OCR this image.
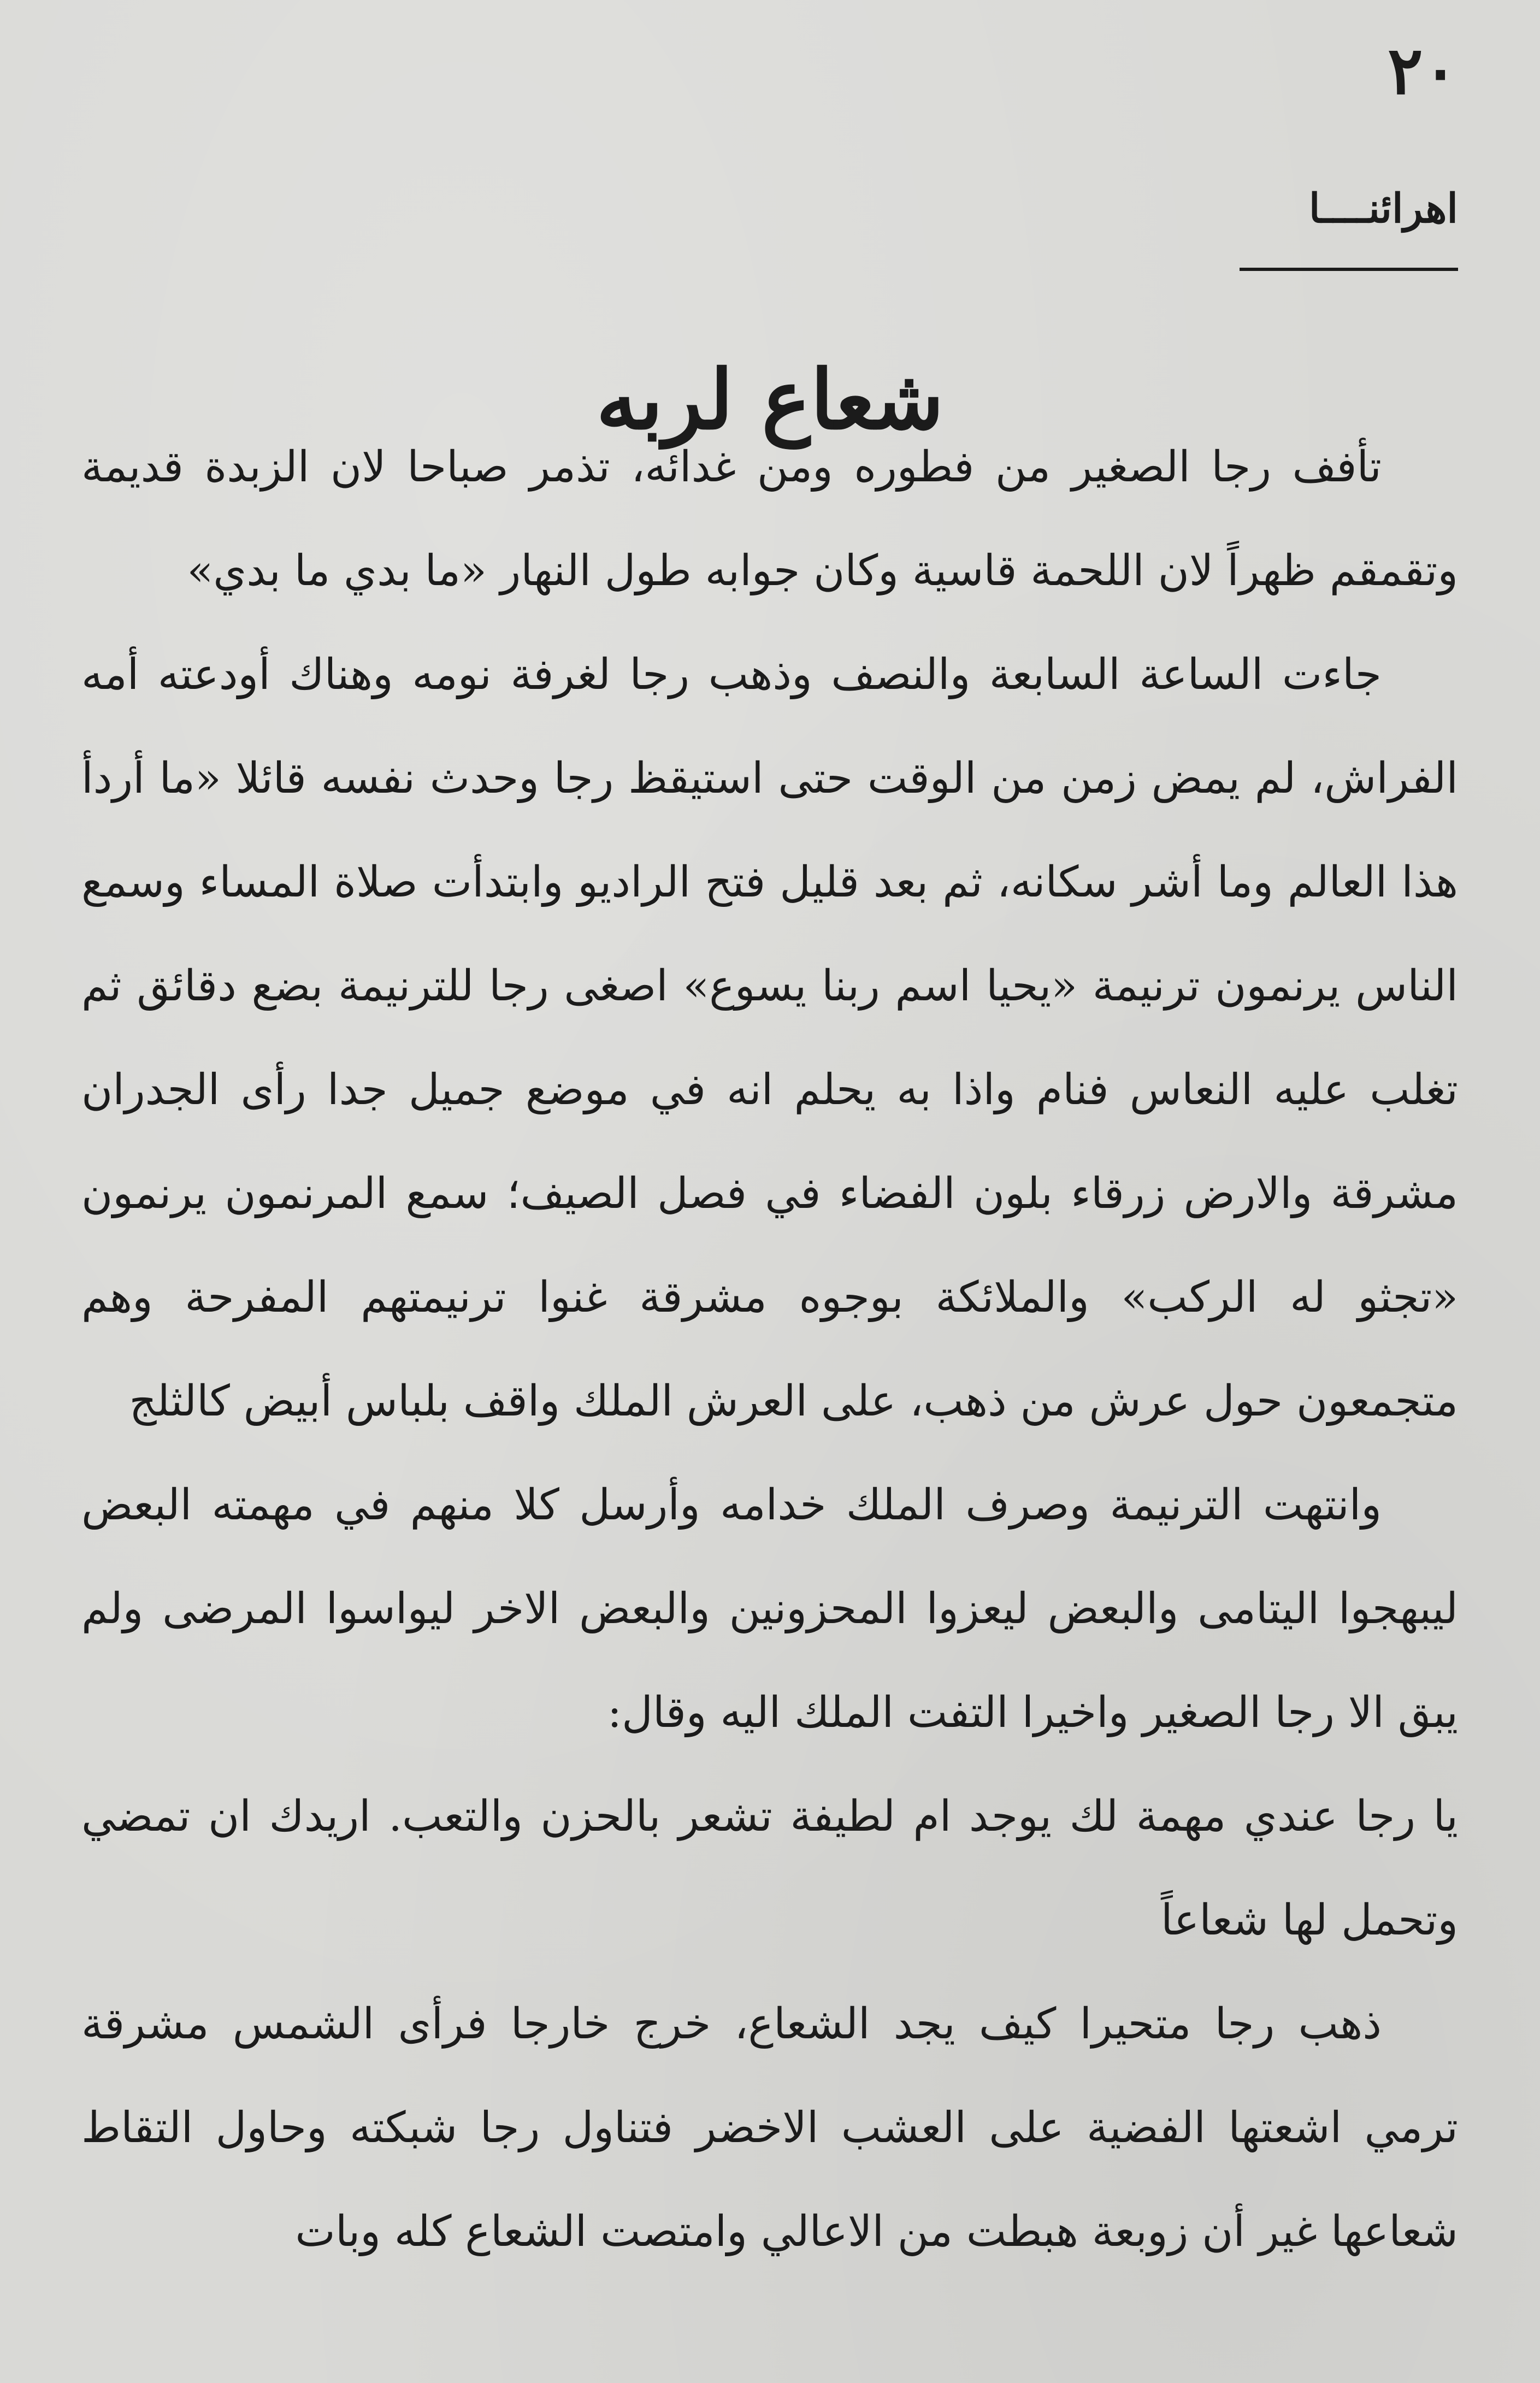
٢٠
اهرائنــــا
شعاع لربه

تأفف رجا الصغير من فطوره ومن غدائه، تذمر صباحا لان الزبدة قديمة وتقمقم ظهراً لان اللحمة قاسية وكان جوابه طول النهار «ما بدي ما بدي»

جاءت الساعة السابعة والنصف وذهب رجا لغرفة نومه وهناك أودعته أمه الفراش، لم يمض زمن من الوقت حتى استيقظ رجا وحدث نفسه قائلا «ما أردأ هذا العالم وما أشر سكانه، ثم بعد قليل فتح الراديو وابتدأت صلاة المساء وسمع الناس يرنمون ترنيمة «يحيا اسم ربنا يسوع» اصغى رجا للترنيمة بضع دقائق ثم تغلب عليه النعاس فنام واذا به يحلم انه في موضع جميل جدا رأى الجدران مشرقة والارض زرقاء بلون الفضاء في فصل الصيف؛ سمع المرنمون يرنمون «تجثو له الركب» والملائكة بوجوه مشرقة غنوا ترنيمتهم المفرحة وهم متجمعون حول عرش من ذهب، على العرش الملك واقف بلباس أبيض كالثلج

وانتهت الترنيمة وصرف الملك خدامه وأرسل كلا منهم في مهمته البعض ليبهجوا اليتامى والبعض ليعزوا المحزونين والبعض الاخر ليواسوا المرضى ولم يبق الا رجا الصغير واخيرا التفت الملك اليه وقال:

يا رجا عندي مهمة لك يوجد ام لطيفة تشعر بالحزن والتعب. اريدك ان تمضي وتحمل لها شعاعاً

ذهب رجا متحيرا كيف يجد الشعاع، خرج خارجا فرأى الشمس مشرقة ترمي اشعتها الفضية على العشب الاخضر فتناول رجا شبكته وحاول التقاط شعاعها غير أن زوبعة هبطت من الاعالي وامتصت الشعاع كله وبات
